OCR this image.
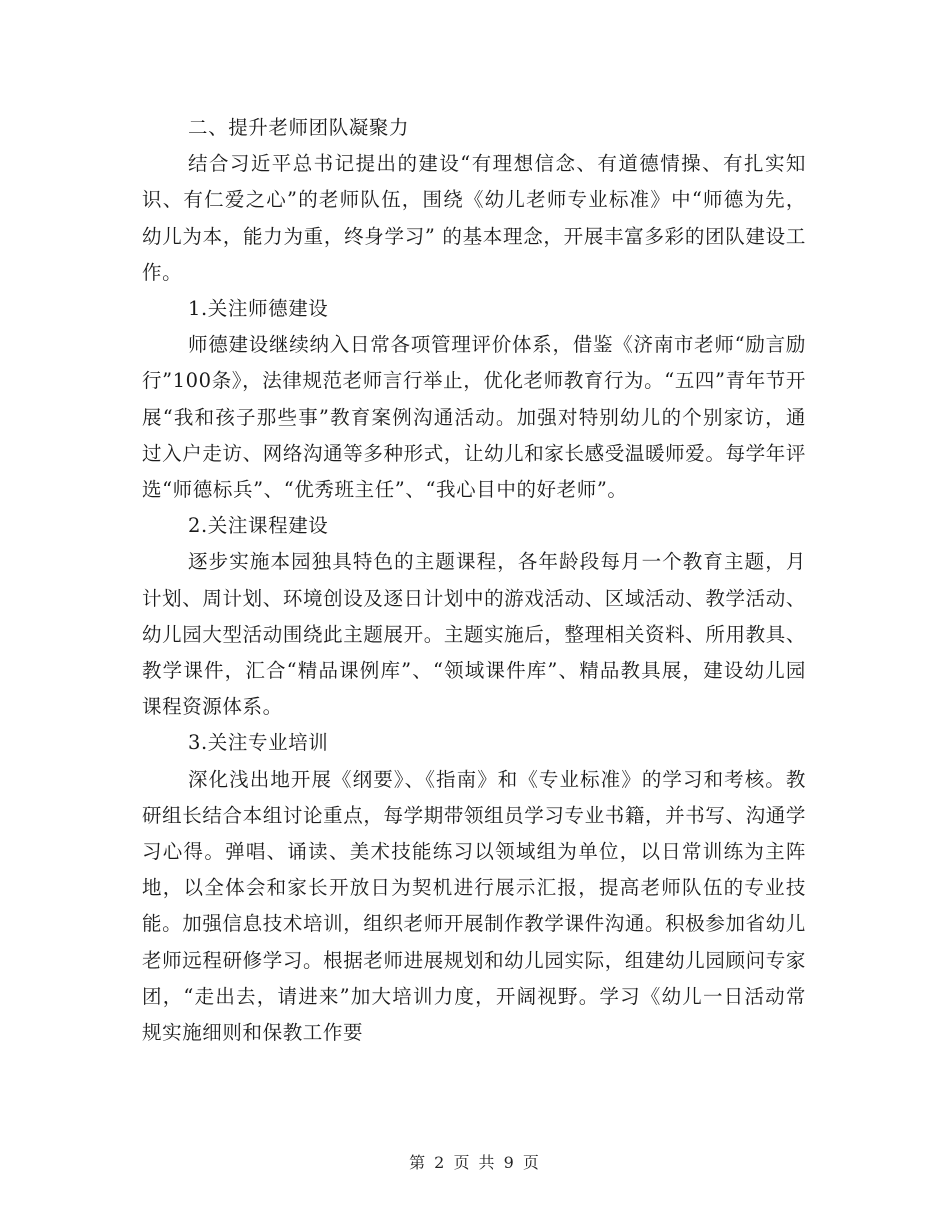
二、提升老师团队凝聚力

结合习近平总书记提出的建设“有理想信念、有道德情操、有扎实知识、有仁爱之心”的老师队伍，围绕《幼儿老师专业标准》中“师德为先，幼儿为本，能力为重，终身学习” 的基本理念，开展丰富多彩的团队建设工作。

1.关注师德建设

师德建设继续纳入日常各项管理评价体系，借鉴《济南市老师“励言励行”100条》，法律规范老师言行举止，优化老师教育行为。“五四”青年节开展“我和孩子那些事”教育案例沟通活动。加强对特别幼儿的个别家访，通过入户走访、网络沟通等多种形式，让幼儿和家长感受温暖师爱。每学年评选“师德标兵”、“优秀班主任”、“我心目中的好老师”。

2.关注课程建设

逐步实施本园独具特色的主题课程，各年龄段每月一个教育主题，月计划、周计划、环境创设及逐日计划中的游戏活动、区域活动、教学活动、幼儿园大型活动围绕此主题展开。主题实施后，整理相关资料、所用教具、教学课件，汇合“精品课例库”、“领域课件库”、精品教具展，建设幼儿园课程资源体系。

3.关注专业培训

深化浅出地开展《纲要》、《指南》和《专业标准》的学习和考核。教研组长结合本组讨论重点，每学期带领组员学习专业书籍，并书写、沟通学习心得。弹唱、诵读、美术技能练习以领域组为单位，以日常训练为主阵地，以全体会和家长开放日为契机进行展示汇报，提高老师队伍的专业技能。加强信息技术培训，组织老师开展制作教学课件沟通。积极参加省幼儿老师远程研修学习。根据老师进展规划和幼儿园实际，组建幼儿园顾问专家团，“走出去，请进来”加大培训力度，开阔视野。学习《幼儿一日活动常规实施细则和保教工作要

第 2 页 共 9 页
